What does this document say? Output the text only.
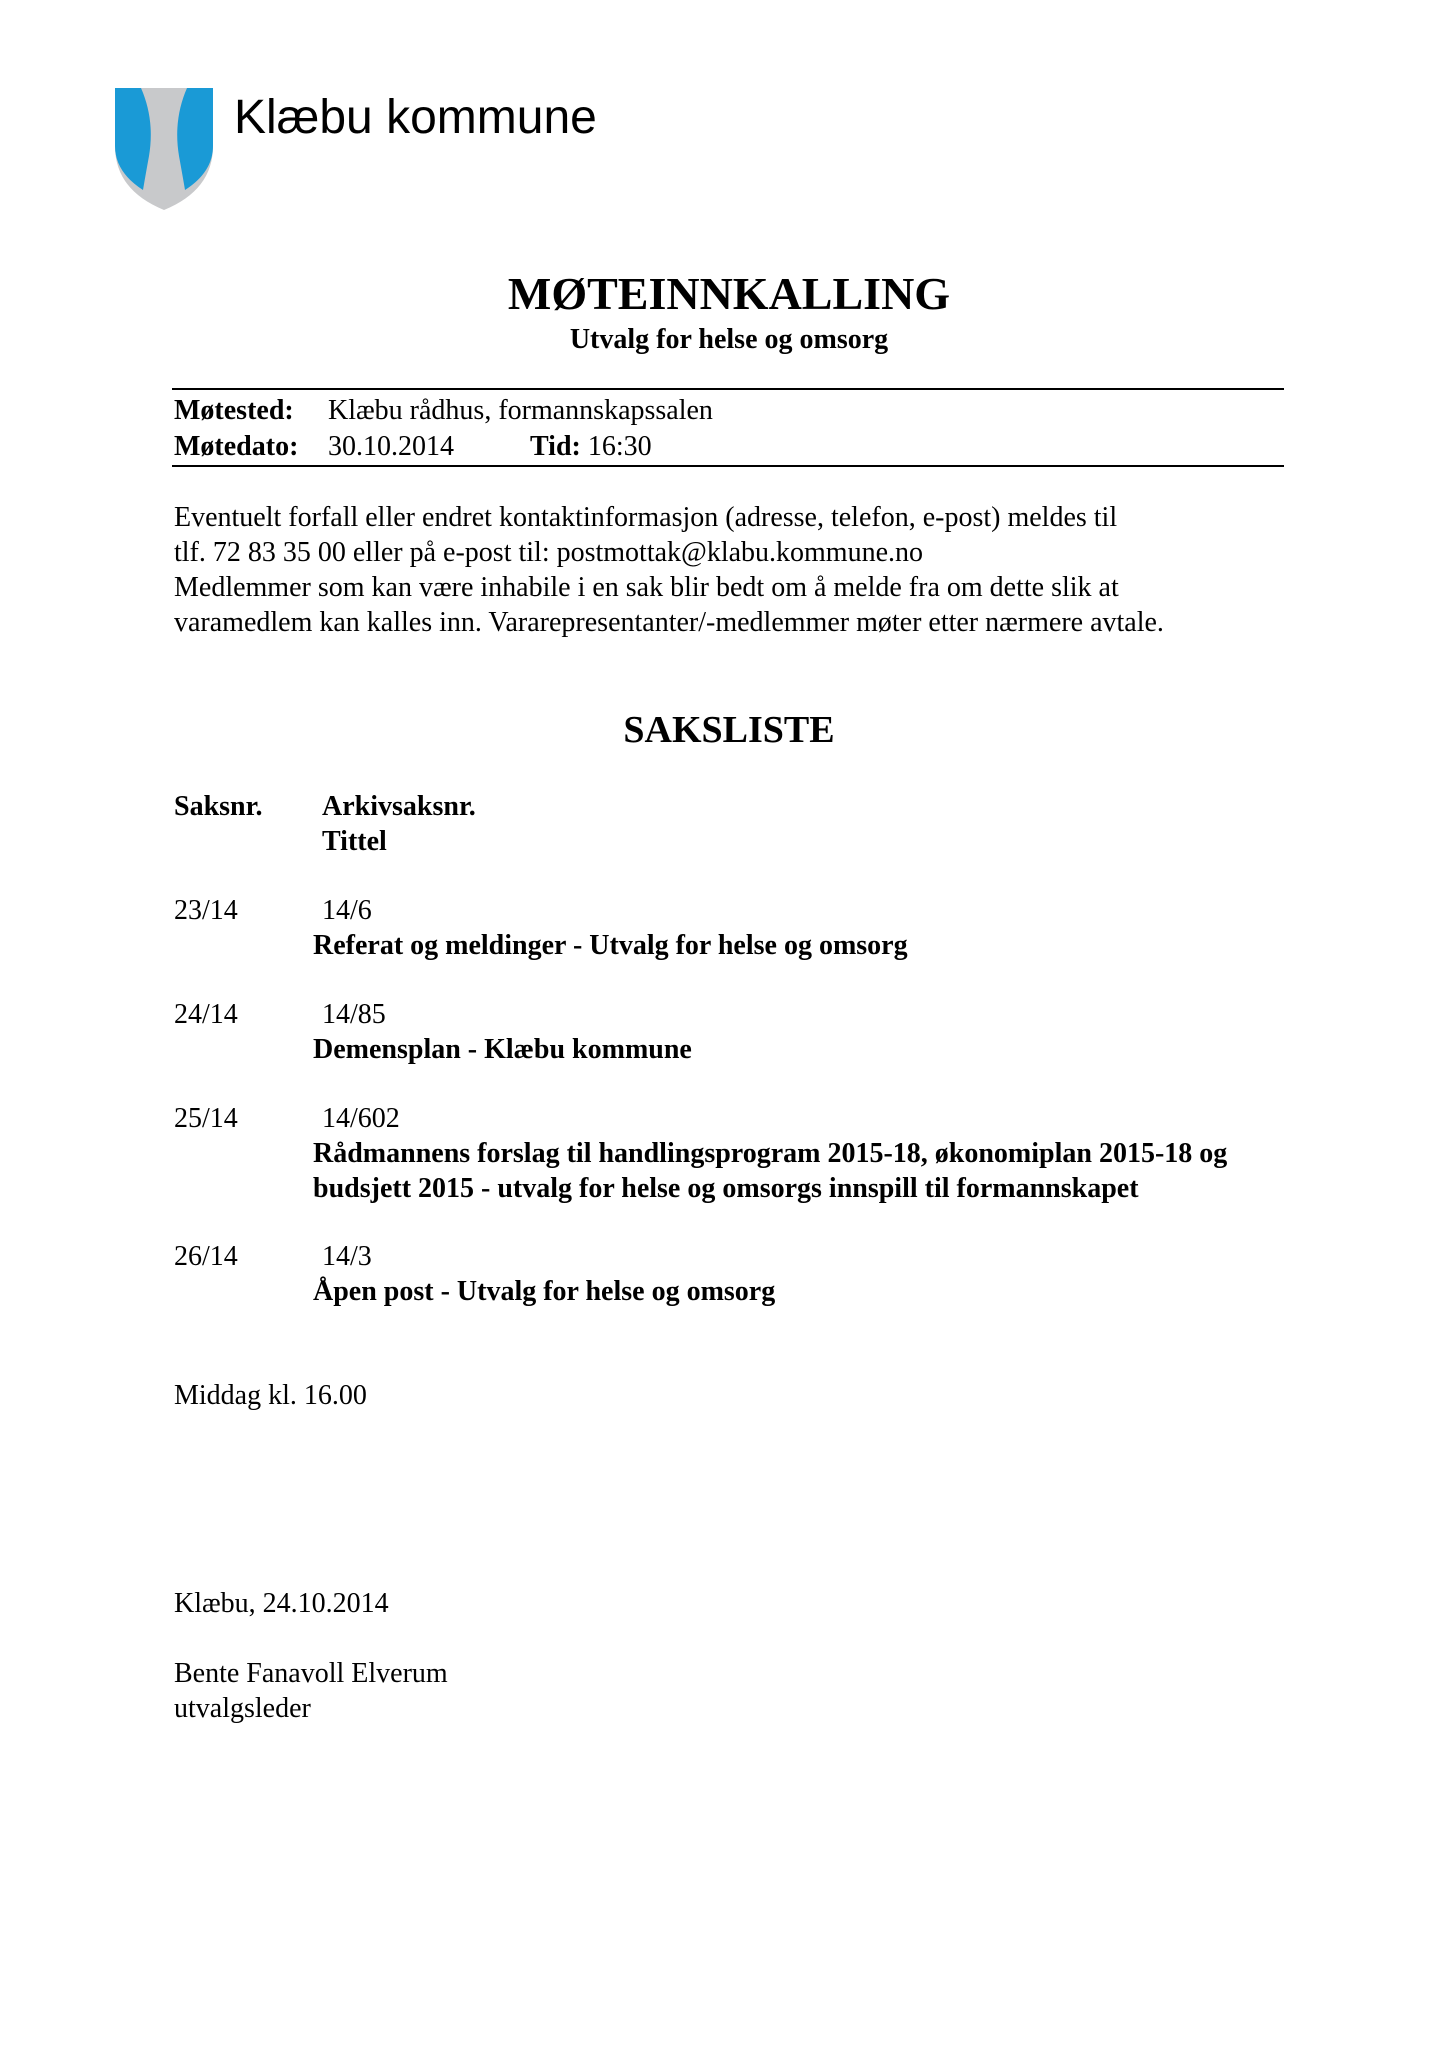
Klæbu kommune
MØTEINNKALLING
Utvalg for helse og omsorg
Møtested: Klæbu rådhus, formannskapssalen
Møtedato: 30.10.2014	Tid: 16:30

Eventuelt forfall eller endret kontaktinformasjon (adresse, telefon, e-post) meldes til

tlf. 72 83 35 00 eller på e-post til: postmottak@klabu.kommune.no

Medlemmer som kan være inhabile i en sak blir bedt om å melde fra om dette slik at

varamedlem kan kalles inn. Vararepresentanter/-medlemmer møter etter nærmere avtale.

SAKSLISTE
Saksnr. Arkivsaksnr.
Tittel
23/14	14/6
Referat og meldinger - Utvalg for helse og omsorg
24/14	14/85
Demensplan - Klæbu kommune
25/14	14/602
Rådmannens forslag til handlingsprogram 2015-18, økonomiplan 2015-18 og budsjett 2015 - utvalg for helse og omsorgs innspill til formannskapet
26/14	14/3
Åpen post - Utvalg for helse og omsorg
Middag kl. 16.00
Klæbu, 24.10.2014
Bente Fanavoll Elverum
utvalgsleder
